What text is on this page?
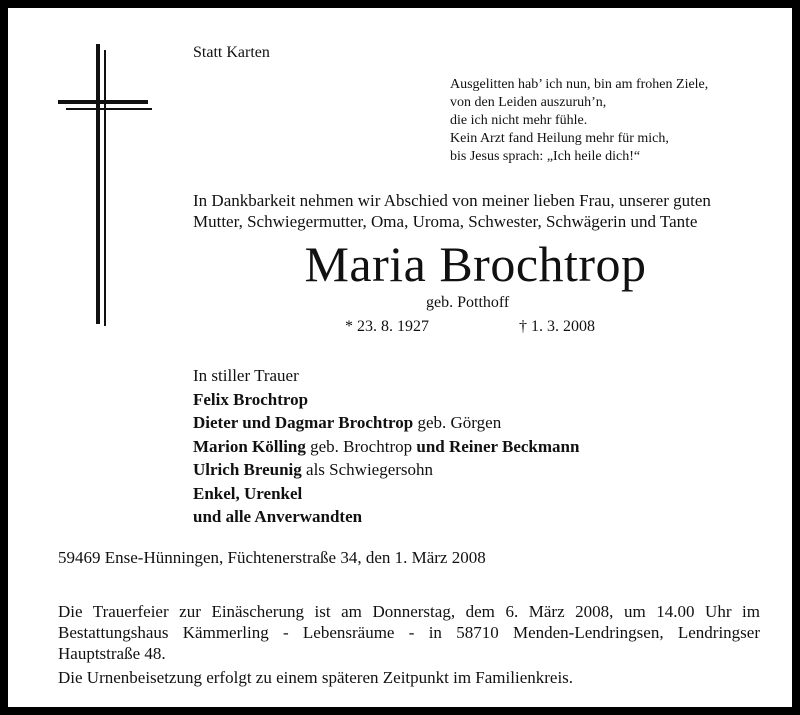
Statt Karten
Ausgelitten hab’ ich nun, bin am frohen Ziele,
von den Leiden auszuruh’n,
die ich nicht mehr fühle.
Kein Arzt fand Heilung mehr für mich,
bis Jesus sprach: „Ich heile dich!“
In Dankbarkeit nehmen wir Abschied von meiner lieben Frau, unserer guten
Mutter, Schwiegermutter, Oma, Uroma, Schwester, Schwägerin und Tante
Maria Brochtrop
geb. Potthoff
* 23. 8. 1927	† 1. 3. 2008
In stiller Trauer
Felix Brochtrop
Dieter und Dagmar Brochtrop geb. Görgen
Marion Kölling geb. Brochtrop und Reiner Beckmann
Ulrich Breunig als Schwiegersohn
Enkel, Urenkel
und alle Anverwandten
59469 Ense-Hünningen, Füchtenerstraße 34, den 1. März 2008
Die Trauerfeier zur Einäscherung ist am Donnerstag, dem 6. März 2008, um 14.00 Uhr im Bestattungshaus Kämmerling - Lebensräume - in 58710 Menden-Lendringsen, Lendringser Hauptstraße 48.
Die Urnenbeisetzung erfolgt zu einem späteren Zeitpunkt im Familienkreis.
